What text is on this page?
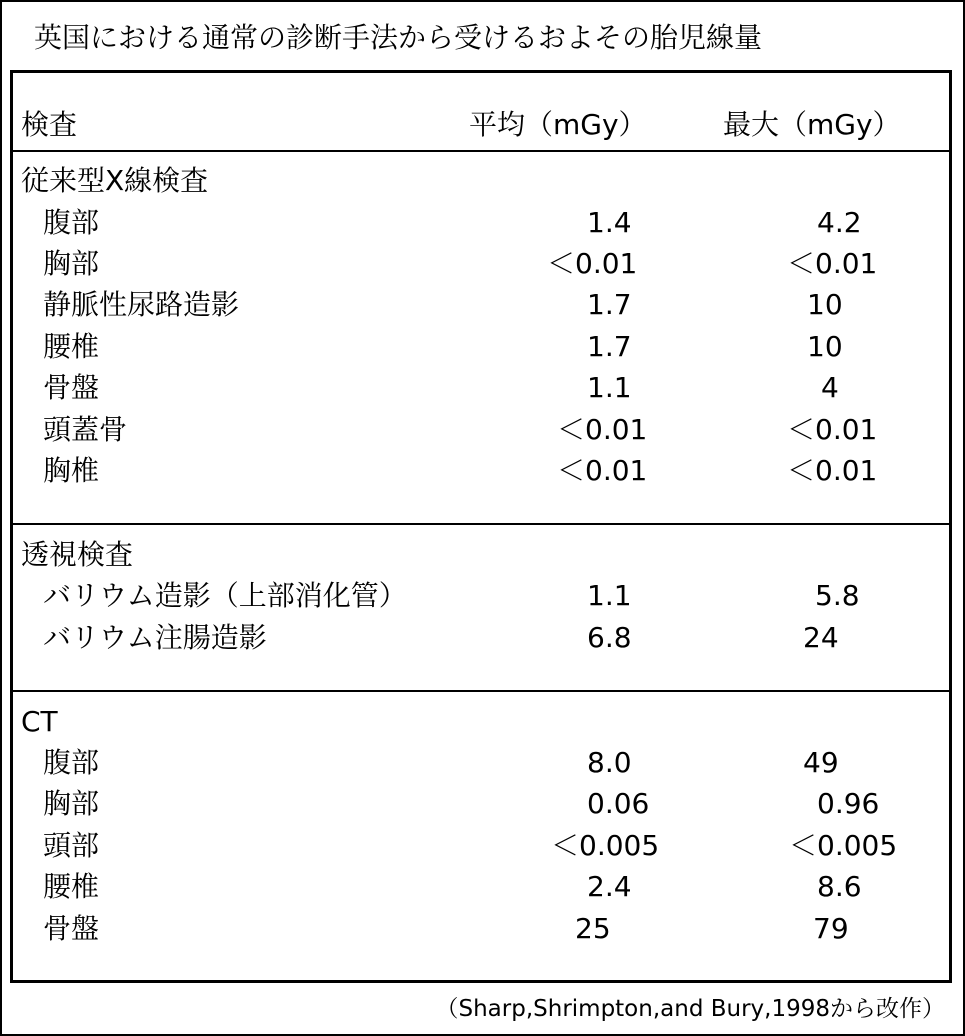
英国における通常の診断手法から受けるおよその胎児線量
検査	平均（mGy）	最大（mGy）
従来型X線検査
腹部	1.4	4.2
胸部	＜0.01	＜0.01
静脈性尿路造影	1.7	10
腰椎	1.7	10
骨盤	1.1	4
頭蓋骨	＜0.01	＜0.01
胸椎	＜0.01	＜0.01
透視検査
バリウム造影（上部消化管）	1.1	5.8
バリウム注腸造影	6.8	24
CT
腹部	8.0	49
胸部	0.06	0.96
頭部	＜0.005	＜0.005
腰椎	2.4	8.6
骨盤	25	79
（Sharp,Shrimpton,and Bury,1998から改作）
